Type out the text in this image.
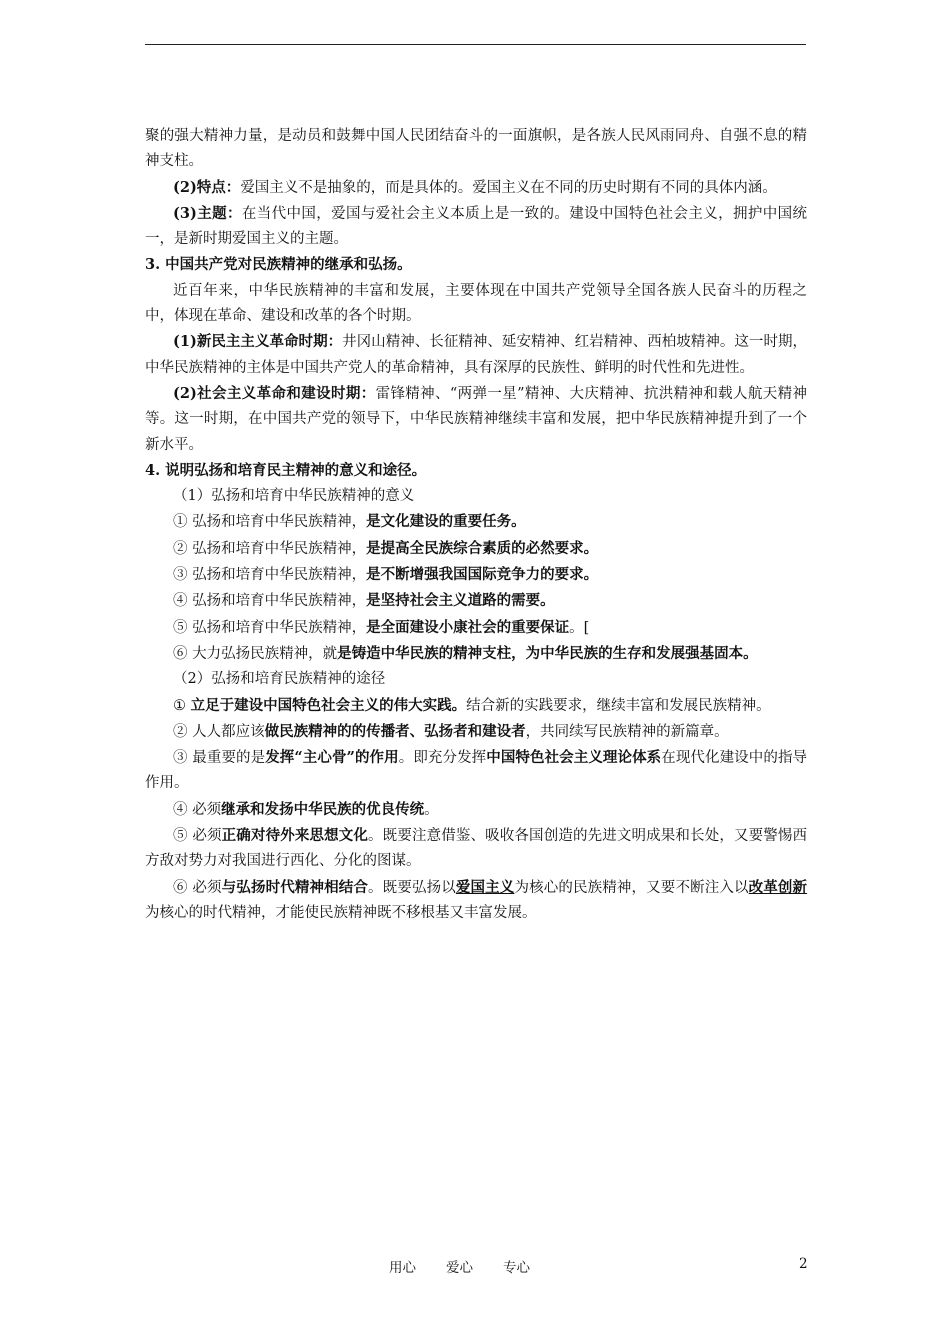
聚的强大精神力量，是动员和鼓舞中国人民团结奋斗的一面旗帜，是各族人民风雨同舟、自强不息的精神支柱。

(2)特点：爱国主义不是抽象的，而是具体的。爱国主义在不同的历史时期有不同的具体内涵。

(3)主题：在当代中国，爱国与爱社会主义本质上是一致的。建设中国特色社会主义，拥护中国统一，是新时期爱国主义的主题。

3. 中国共产党对民族精神的继承和弘扬。

近百年来，中华民族精神的丰富和发展，主要体现在中国共产党领导全国各族人民奋斗的历程之中，体现在革命、建设和改革的各个时期。

(1)新民主主义革命时期：井冈山精神、长征精神、延安精神、红岩精神、西柏坡精神。这一时期，中华民族精神的主体是中国共产党人的革命精神，具有深厚的民族性、鲜明的时代性和先进性。

(2)社会主义革命和建设时期：雷锋精神、“两弹一星”精神、大庆精神、抗洪精神和载人航天精神等。这一时期，在中国共产党的领导下，中华民族精神继续丰富和发展，把中华民族精神提升到了一个新水平。

4. 说明弘扬和培育民主精神的意义和途径。

（1）弘扬和培育中华民族精神的意义

① 弘扬和培育中华民族精神，是文化建设的重要任务。

② 弘扬和培育中华民族精神，是提高全民族综合素质的必然要求。

③ 弘扬和培育中华民族精神，是不断增强我国国际竞争力的要求。

④ 弘扬和培育中华民族精神，是坚持社会主义道路的需要。

⑤ 弘扬和培育中华民族精神，是全面建设小康社会的重要保证。[

⑥ 大力弘扬民族精神，就是铸造中华民族的精神支柱，为中华民族的生存和发展强基固本。

（2）弘扬和培育民族精神的途径

① 立足于建设中国特色社会主义的伟大实践。结合新的实践要求，继续丰富和发展民族精神。

② 人人都应该做民族精神的的传播者、弘扬者和建设者，共同续写民族精神的新篇章。

③ 最重要的是发挥“主心骨”的作用。即充分发挥中国特色社会主义理论体系在现代化建设中的指导作用。

④ 必须继承和发扬中华民族的优良传统。

⑤ 必须正确对待外来思想文化。既要注意借鉴、吸收各国创造的先进文明成果和长处，又要警惕西方敌对势力对我国进行西化、分化的图谋。

⑥ 必须与弘扬时代精神相结合。既要弘扬以爱国主义为核心的民族精神，又要不断注入以改革创新为核心的时代精神，才能使民族精神既不移根基又丰富发展。

用心 爱心 专心	2
